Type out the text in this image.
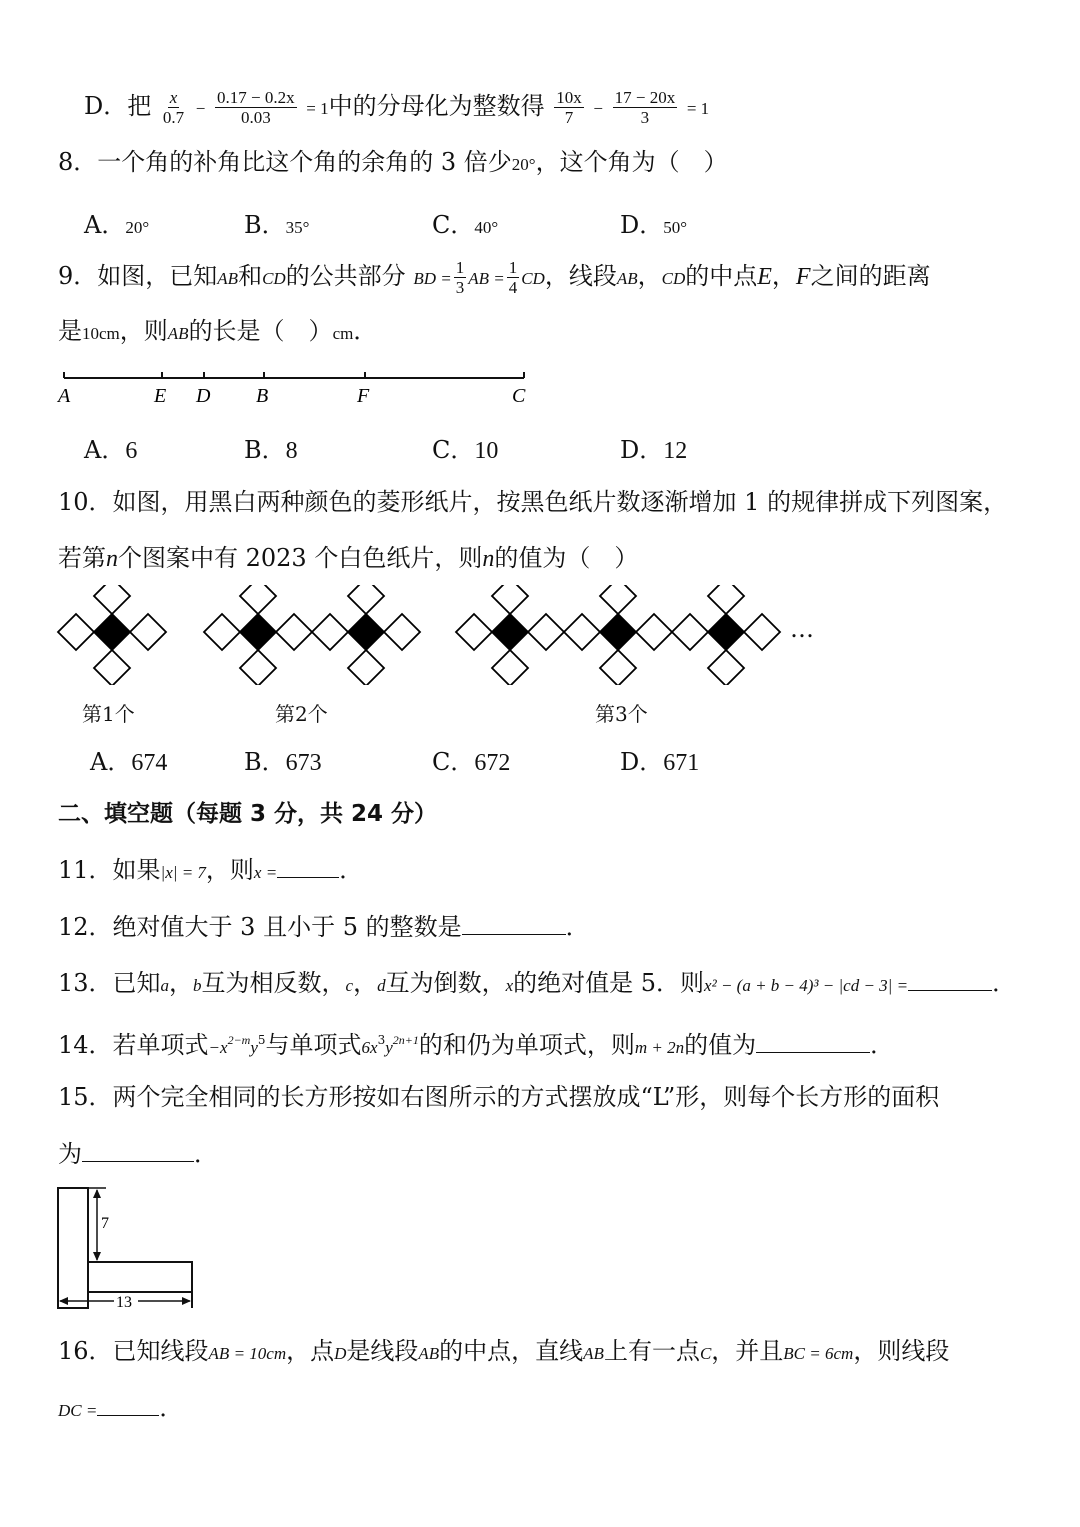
D．把 $\frac{x}{0.7} - \frac{0.17 - 0.2x}{0.03} = 1$中的分母化为整数得 $\frac{10x}{7} - \frac{17 - 20x}{3} = 1$
8．一个角的补角比这个角的余角的 3 倍少20°，这个角为（　）
A．20°	B．35°	C．40°	D．50°
9．如图，已知AB和CD的公共部分 BD = $\frac{1}{3}$ AB = $\frac{1}{4}$ CD，线段AB，CD的中点E，F之间的距离
是10cm，则AB的长是（　）cm．
A	E D B	F	C
A．6	B．8	C．10	D．12
10．如图，用黑白两种颜色的菱形纸片，按黑色纸片数逐渐增加 1 的规律拼成下列图案，
若第n个图案中有 2023 个白色纸片，则n的值为（　）
…
第1个	第2个	第3个
A．674	B．673	C．672	D．671
二、填空题（每题 3 分，共 24 分）
11．如果|x| = 7，则x =	．
12．绝对值大于 3 且小于 5 的整数是	．
13．已知a，b互为相反数，c，d互为倒数，x的绝对值是 5．则x² − (a + b − 4)³ − |cd − 3| =	．
14．若单项式$-x^{2-m}y^5$与单项式$6x^3y^{2n+1}$的和仍为单项式，则m + 2n的值为	．
15．两个完全相同的长方形按如右图所示的方式摆放成“L”形，则每个长方形的面积
为	．
7
13
16．已知线段AB = 10cm，点D是线段AB的中点，直线AB上有一点C，并且BC = 6cm，则线段
DC =	．
